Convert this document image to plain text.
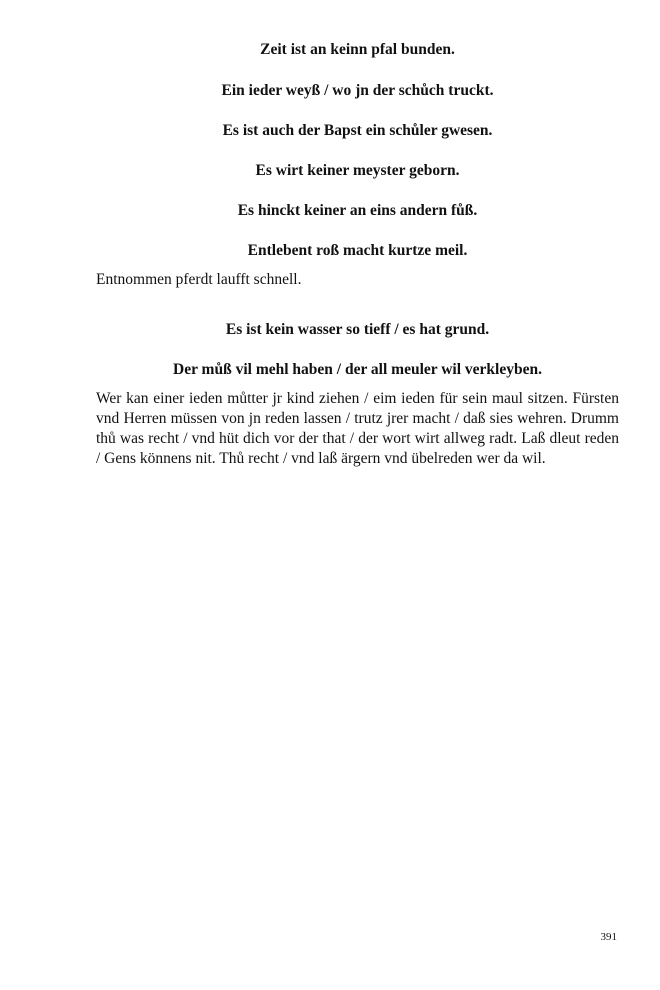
Zeit ist an keinn pfal bunden.

Ein ieder weyß / wo jn der schůch truckt.

Es ist auch der Bapst ein schůler gwesen.

Es wirt keiner meyster geborn.

Es hinckt keiner an eins andern fůß.

Entlebent roß macht kurtze meil.

Entnommen pferdt laufft schnell.

Es ist kein wasser so tieff / es hat grund.

Der můß vil mehl haben / der all meuler wil verkleyben.

Wer kan einer ieden můtter jr kind ziehen / eim ieden für sein maul sitzen. Fürsten vnd Herren müssen von jn reden lassen / trutz jrer macht / daß sies wehren. Drumm thů was recht / vnd hüt dich vor der that / der wort wirt allweg radt. Laß dleut reden / Gens könnens nit. Thů recht / vnd laß ärgern vnd übelreden wer da wil.

391
